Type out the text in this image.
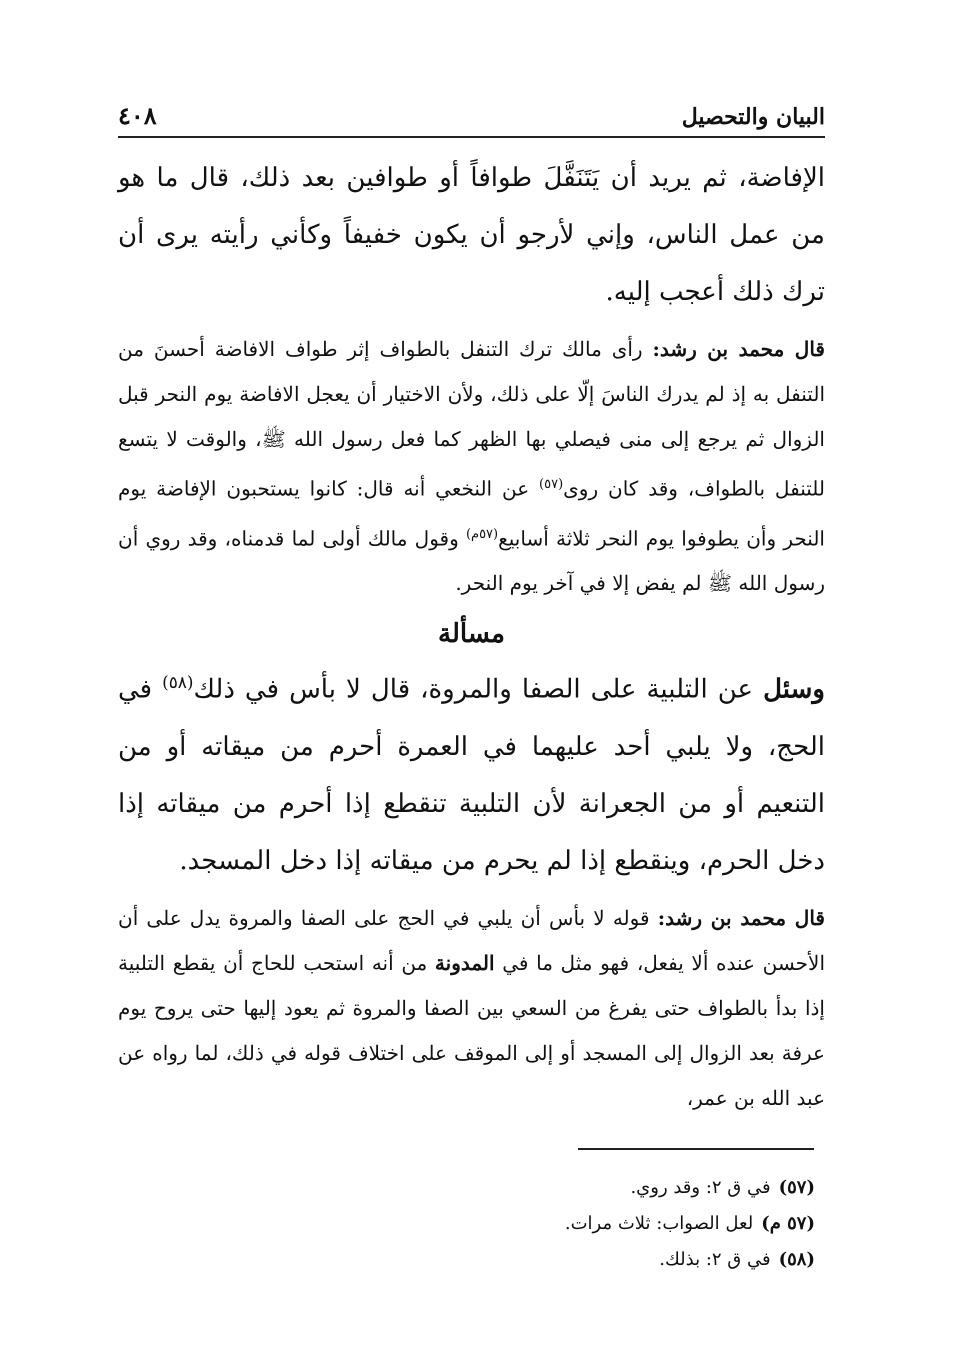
البيان والتحصيل
٤٠٨

الإفاضة، ثم يريد أن يَتَنَفَّلَ طوافاً أو طوافين بعد ذلك، قال ما هو من عمل الناس، وإني لأرجو أن يكون خفيفاً وكأني رأيته يرى أن ترك ذلك أعجب إليه.

قال محمد بن رشد: رأى مالك ترك التنفل بالطواف إثر طواف الافاضة أحسنَ من التنفل به إذ لم يدرك الناسَ إلّا على ذلك، ولأن الاختيار أن يعجل الافاضة يوم النحر قبل الزوال ثم يرجع إلى منى فيصلي بها الظهر كما فعل رسول الله ﷺ، والوقت لا يتسع للتنفل بالطواف، وقد كان روى$^{(٥٧)}$ عن النخعي أنه قال: كانوا يستحبون الإفاضة يوم النحر وأن يطوفوا يوم النحر ثلاثة أسابيع$^{(٥٧م)}$ وقول مالك أولى لما قدمناه، وقد روي أن رسول الله ﷺ لم يفض إلا في آخر يوم النحر.

مسألة

وسئل عن التلبية على الصفا والمروة، قال لا بأس في ذلك$^{(٥٨)}$ في الحج، ولا يلبي أحد عليهما في العمرة أحرم من ميقاته أو من التنعيم أو من الجعرانة لأن التلبية تنقطع إذا أحرم من ميقاته إذا دخل الحرم، وينقطع إذا لم يحرم من ميقاته إذا دخل المسجد.

قال محمد بن رشد: قوله لا بأس أن يلبي في الحج على الصفا والمروة يدل على أن الأحسن عنده ألا يفعل، فهو مثل ما في المدونة من أنه استحب للحاج أن يقطع التلبية إذا بدأ بالطواف حتى يفرغ من السعي بين الصفا والمروة ثم يعود إليها حتى يروح يوم عرفة بعد الزوال إلى المسجد أو إلى الموقف على اختلاف قوله في ذلك، لما رواه عن عبد الله بن عمر،

(٥٧)في ق ٢: وقد روي.

(٥٧ م)لعل الصواب: ثلاث مرات.

(٥٨)في ق ٢: بذلك.
